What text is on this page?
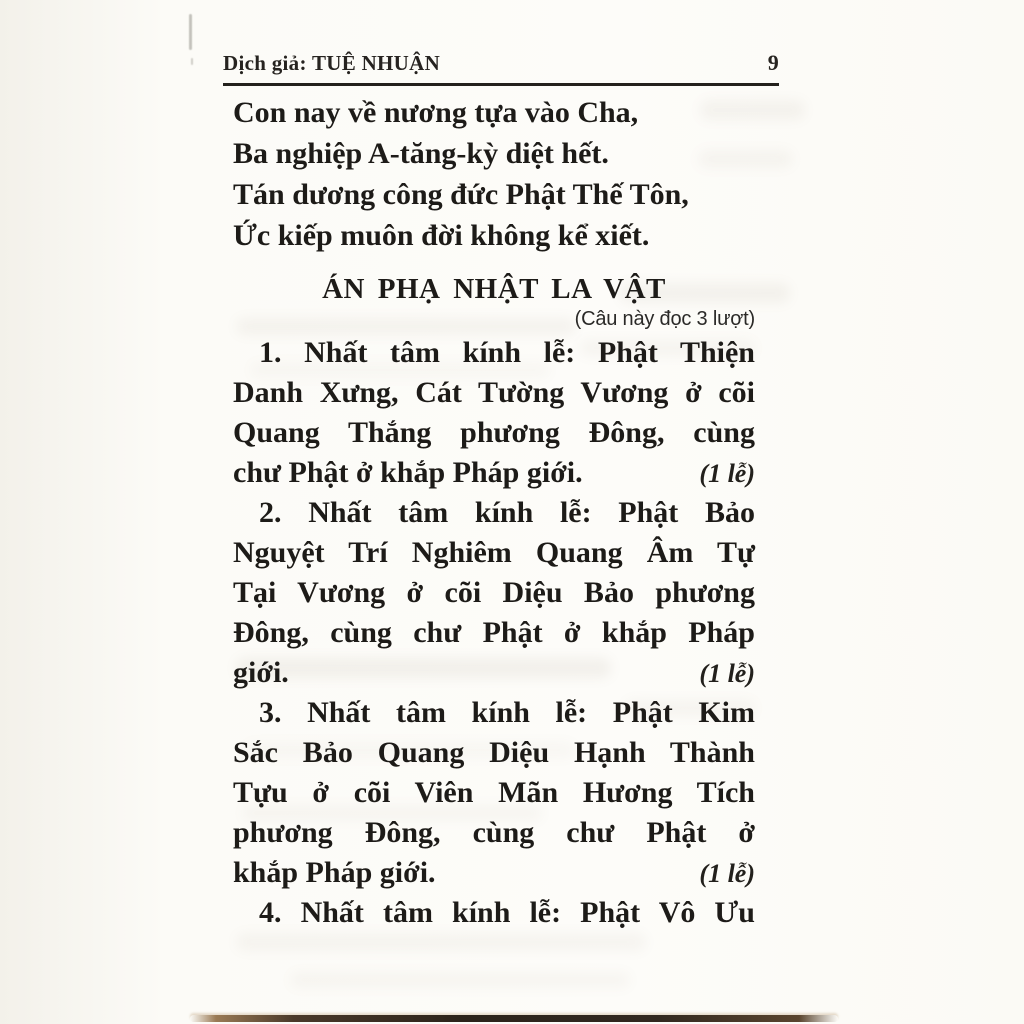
Dịch giả: TUỆ NHUẬN	9
Con nay về nương tựa vào Cha,
Ba nghiệp A-tăng-kỳ diệt hết.
Tán dương công đức Phật Thế Tôn,
Ức kiếp muôn đời không kể xiết.
ÁN PHẠ NHẬT LA VẬT
(Câu này đọc 3 lượt)
1. Nhất tâm kính lễ: Phật Thiện
Danh Xưng, Cát Tường Vương ở cõi
Quang Thắng phương Đông, cùng
chư Phật ở khắp Pháp giới.	(1 lễ)
2. Nhất tâm kính lễ: Phật Bảo
Nguyệt Trí Nghiêm Quang Âm Tự
Tại Vương ở cõi Diệu Bảo phương
Đông, cùng chư Phật ở khắp Pháp
giới.	(1 lễ)
3. Nhất tâm kính lễ: Phật Kim
Sắc Bảo Quang Diệu Hạnh Thành
Tựu ở cõi Viên Mãn Hương Tích
phương Đông, cùng chư Phật ở
khắp Pháp giới.	(1 lễ)
4. Nhất tâm kính lễ: Phật Vô Ưu
